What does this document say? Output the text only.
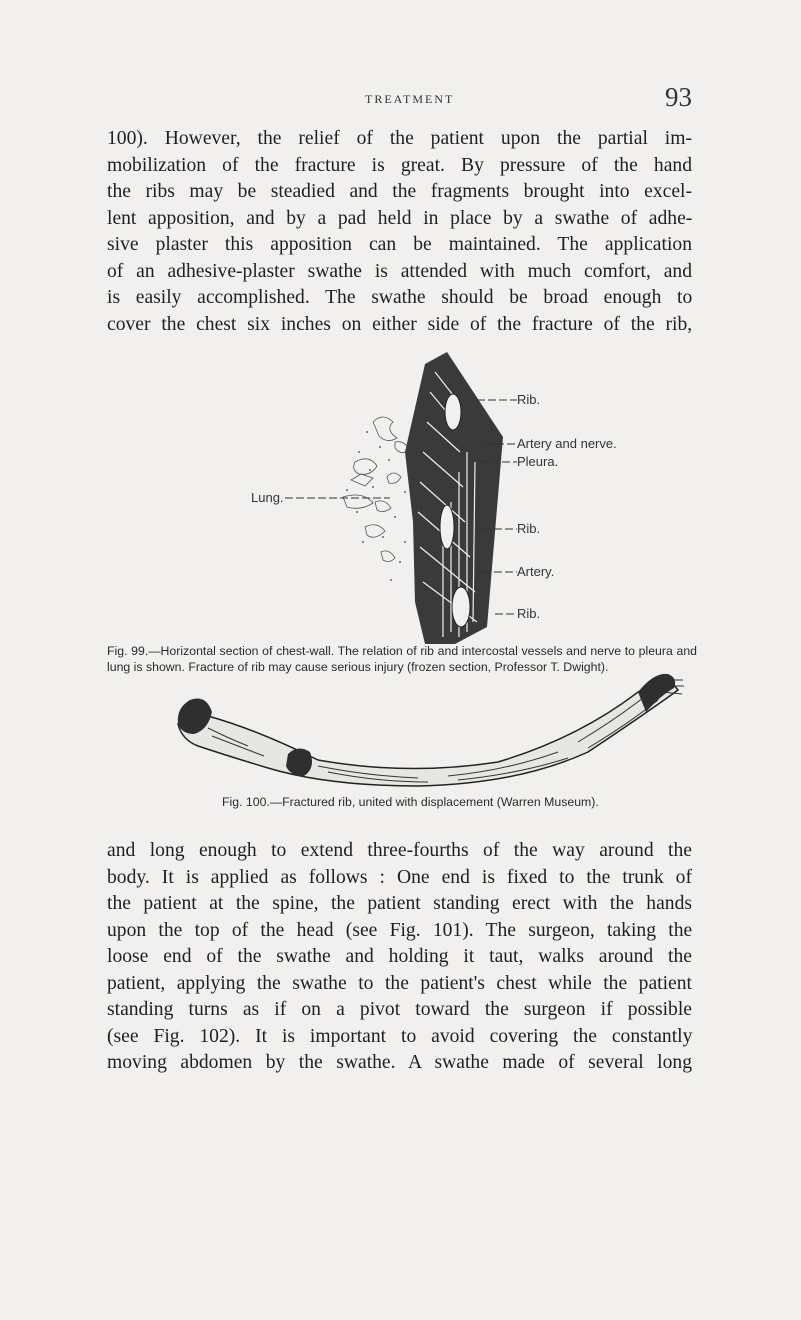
TREATMENT	93
100). However, the relief of the patient upon the partial im-
mobilization of the fracture is great. By pressure of the hand
the ribs may be steadied and the fragments brought into excel-
lent apposition, and by a pad held in place by a swathe of adhe-
sive plaster this apposition can be maintained. The application
of an adhesive-plaster swathe is attended with much comfort, and
is easily accomplished. The swathe should be broad enough to
cover the chest six inches on either side of the fracture of the rib,
Rib.
Artery and nerve.
Pleura.
Lung.
Rib.
Artery.
Rib.

Fig. 99.—Horizontal section of chest-wall. The relation of rib and intercostal vessels and nerve to pleura and lung is shown. Fracture of rib may cause serious injury (frozen section, Professor T. Dwight).

Fig. 100.—Fractured rib, united with displacement (Warren Museum).

and long enough to extend three-fourths of the way around the
body. It is applied as follows : One end is fixed to the trunk of
the patient at the spine, the patient standing erect with the hands
upon the top of the head (see Fig. 101). The surgeon, taking the
loose end of the swathe and holding it taut, walks around the
patient, applying the swathe to the patient's chest while the patient
standing turns as if on a pivot toward the surgeon if possible
(see Fig. 102). It is important to avoid covering the constantly
moving abdomen by the swathe. A swathe made of several long
